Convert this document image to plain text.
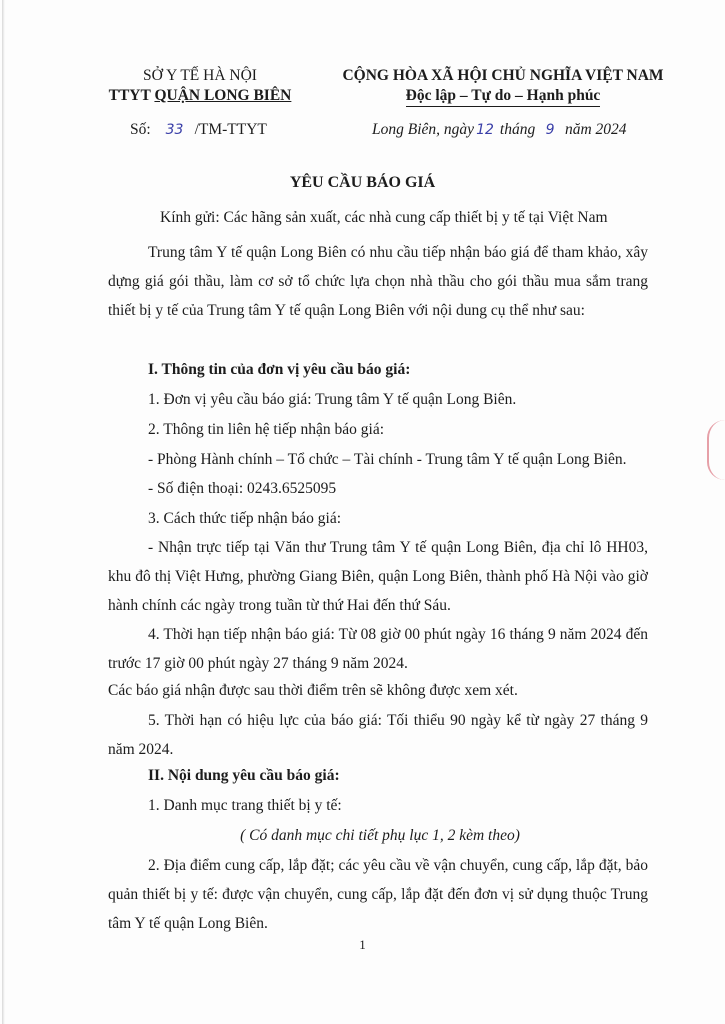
SỞ Y TẾ HÀ NỘI
TTYT QUẬN LONG BIÊN
Số: 33 /TM-TTYT
CỘNG HÒA XÃ HỘI CHỦ NGHĨA VIỆT NAM
Độc lập – Tự do – Hạnh phúc
Long Biên, ngày 12 tháng 9 năm 2024
YÊU CẦU BÁO GIÁ
Kính gửi: Các hãng sản xuất, các nhà cung cấp thiết bị y tế tại Việt Nam
Trung tâm Y tế quận Long Biên có nhu cầu tiếp nhận báo giá để tham khảo, xây dựng giá gói thầu, làm cơ sở tổ chức lựa chọn nhà thầu cho gói thầu mua sắm trang thiết bị y tế của Trung tâm Y tế quận Long Biên với nội dung cụ thể như sau:
I. Thông tin của đơn vị yêu cầu báo giá:
1. Đơn vị yêu cầu báo giá: Trung tâm Y tế quận Long Biên.
2. Thông tin liên hệ tiếp nhận báo giá:
- Phòng Hành chính – Tổ chức – Tài chính - Trung tâm Y tế quận Long Biên.
- Số điện thoại: 0243.6525095
3. Cách thức tiếp nhận báo giá:
- Nhận trực tiếp tại Văn thư Trung tâm Y tế quận Long Biên, địa chỉ lô HH03, khu đô thị Việt Hưng, phường Giang Biên, quận Long Biên, thành phố Hà Nội vào giờ hành chính các ngày trong tuần từ thứ Hai đến thứ Sáu.
4. Thời hạn tiếp nhận báo giá: Từ 08 giờ 00 phút ngày 16 tháng 9 năm 2024 đến trước 17 giờ 00 phút ngày 27 tháng 9 năm 2024.
Các báo giá nhận được sau thời điểm trên sẽ không được xem xét.
5. Thời hạn có hiệu lực của báo giá: Tối thiểu 90 ngày kể từ ngày 27 tháng 9 năm 2024.
II. Nội dung yêu cầu báo giá:
1. Danh mục trang thiết bị y tế:
( Có danh mục chi tiết phụ lục 1, 2 kèm theo)
2. Địa điểm cung cấp, lắp đặt; các yêu cầu về vận chuyển, cung cấp, lắp đặt, bảo quản thiết bị y tế: được vận chuyển, cung cấp, lắp đặt đến đơn vị sử dụng thuộc Trung tâm Y tế quận Long Biên.
1
